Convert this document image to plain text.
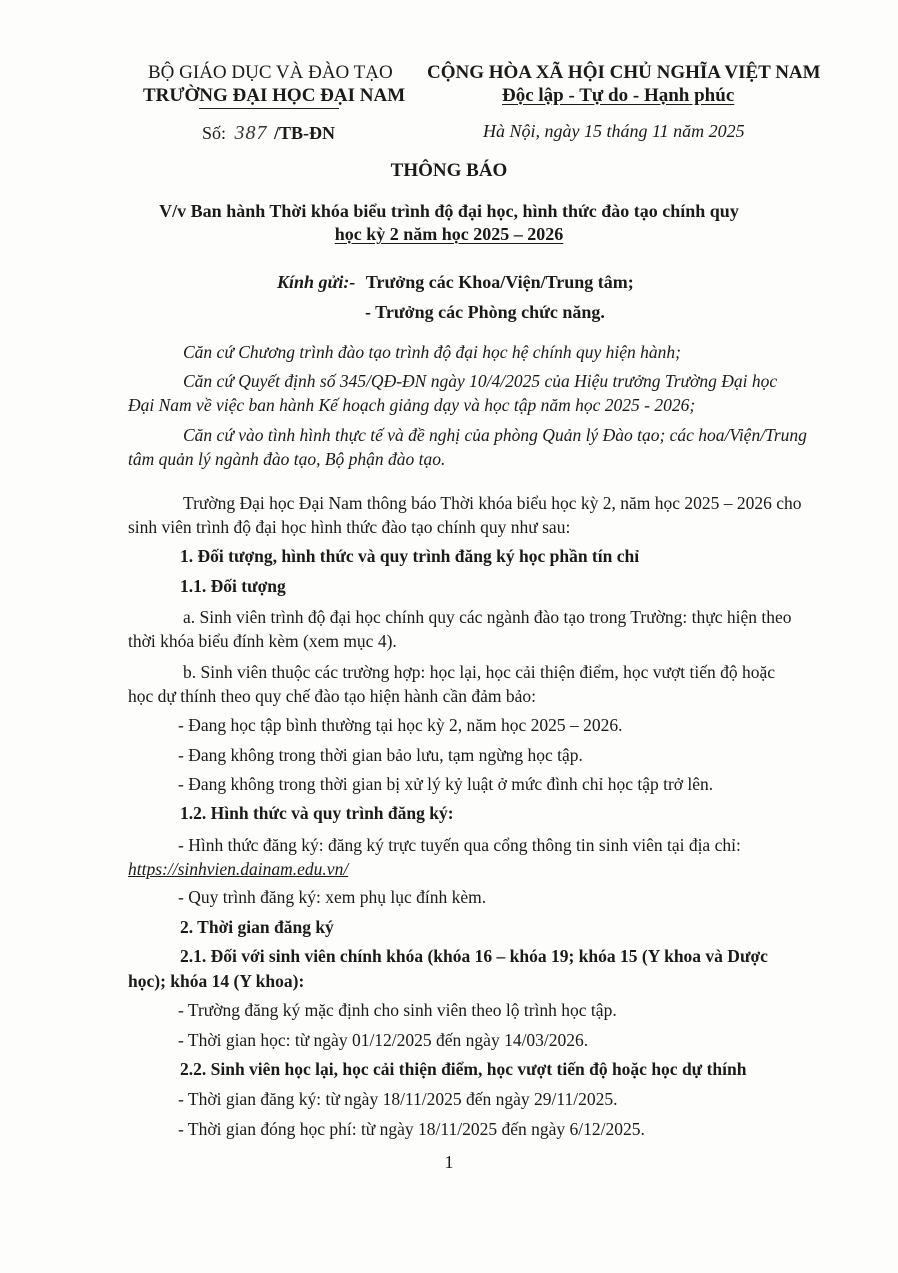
BỘ GIÁO DỤC VÀ ĐÀO TẠO
TRƯỜNG ĐẠI HỌC ĐẠI NAM
Số: 387 /TB-ĐN
CỘNG HÒA XÃ HỘI CHỦ NGHĨA VIỆT NAM
Độc lập - Tự do - Hạnh phúc
Hà Nội, ngày 15 tháng 11 năm 2025
THÔNG BÁO
V/v Ban hành Thời khóa biểu trình độ đại học, hình thức đào tạo chính quy
học kỳ 2 năm học 2025 – 2026
Kính gửi:- Trưởng các Khoa/Viện/Trung tâm;
- Trưởng các Phòng chức năng.
Căn cứ Chương trình đào tạo trình độ đại học hệ chính quy hiện hành;
Căn cứ Quyết định số 345/QĐ-ĐN ngày 10/4/2025 của Hiệu trưởng Trường Đại học
Đại Nam về việc ban hành Kế hoạch giảng dạy và học tập năm học 2025 - 2026;
Căn cứ vào tình hình thực tế và đề nghị của phòng Quản lý Đào tạo; các hoa/Viện/Trung
tâm quản lý ngành đào tạo, Bộ phận đào tạo.
Trường Đại học Đại Nam thông báo Thời khóa biểu học kỳ 2, năm học 2025 – 2026 cho
sinh viên trình độ đại học hình thức đào tạo chính quy như sau:
1. Đối tượng, hình thức và quy trình đăng ký học phần tín chỉ
1.1. Đối tượng
a. Sinh viên trình độ đại học chính quy các ngành đào tạo trong Trường: thực hiện theo
thời khóa biểu đính kèm (xem mục 4).
b. Sinh viên thuộc các trường hợp: học lại, học cải thiện điểm, học vượt tiến độ hoặc
học dự thính theo quy chế đào tạo hiện hành cần đảm bảo:
- Đang học tập bình thường tại học kỳ 2, năm học 2025 – 2026.
- Đang không trong thời gian bảo lưu, tạm ngừng học tập.
- Đang không trong thời gian bị xử lý kỷ luật ở mức đình chỉ học tập trở lên.
1.2. Hình thức và quy trình đăng ký:
- Hình thức đăng ký: đăng ký trực tuyến qua cổng thông tin sinh viên tại địa chỉ:
https://sinhvien.dainam.edu.vn/
- Quy trình đăng ký: xem phụ lục đính kèm.
2. Thời gian đăng ký
2.1. Đối với sinh viên chính khóa (khóa 16 – khóa 19; khóa 15 (Y khoa và Dược
học); khóa 14 (Y khoa):
- Trường đăng ký mặc định cho sinh viên theo lộ trình học tập.
- Thời gian học: từ ngày 01/12/2025 đến ngày 14/03/2026.
2.2. Sinh viên học lại, học cải thiện điểm, học vượt tiến độ hoặc học dự thính
- Thời gian đăng ký: từ ngày 18/11/2025 đến ngày 29/11/2025.
- Thời gian đóng học phí: từ ngày 18/11/2025 đến ngày 6/12/2025.
1
